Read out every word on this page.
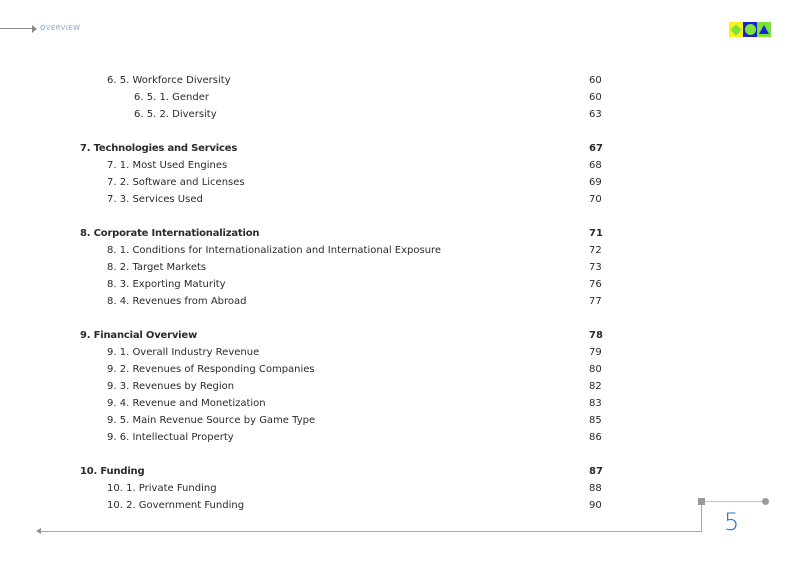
OVERVIEW
6. 5. Workforce Diversity	60
6. 5. 1. Gender	60
6. 5. 2. Diversity	63
7. Technologies and Services	67
7. 1. Most Used Engines	68
7. 2. Software and Licenses	69
7. 3. Services Used	70
8. Corporate Internationalization	71
8. 1. Conditions for Internationalization and International Exposure	72
8. 2. Target Markets	73
8. 3. Exporting Maturity	76
8. 4. Revenues from Abroad	77
9. Financial Overview	78
9. 1. Overall Industry Revenue	79
9. 2. Revenues of Responding Companies	80
9. 3. Revenues by Region	82
9. 4. Revenue and Monetization	83
9. 5. Main Revenue Source by Game Type	85
9. 6. Intellectual Property	86
10. Funding	87
10. 1. Private Funding	88
10. 2. Government Funding	90
5
